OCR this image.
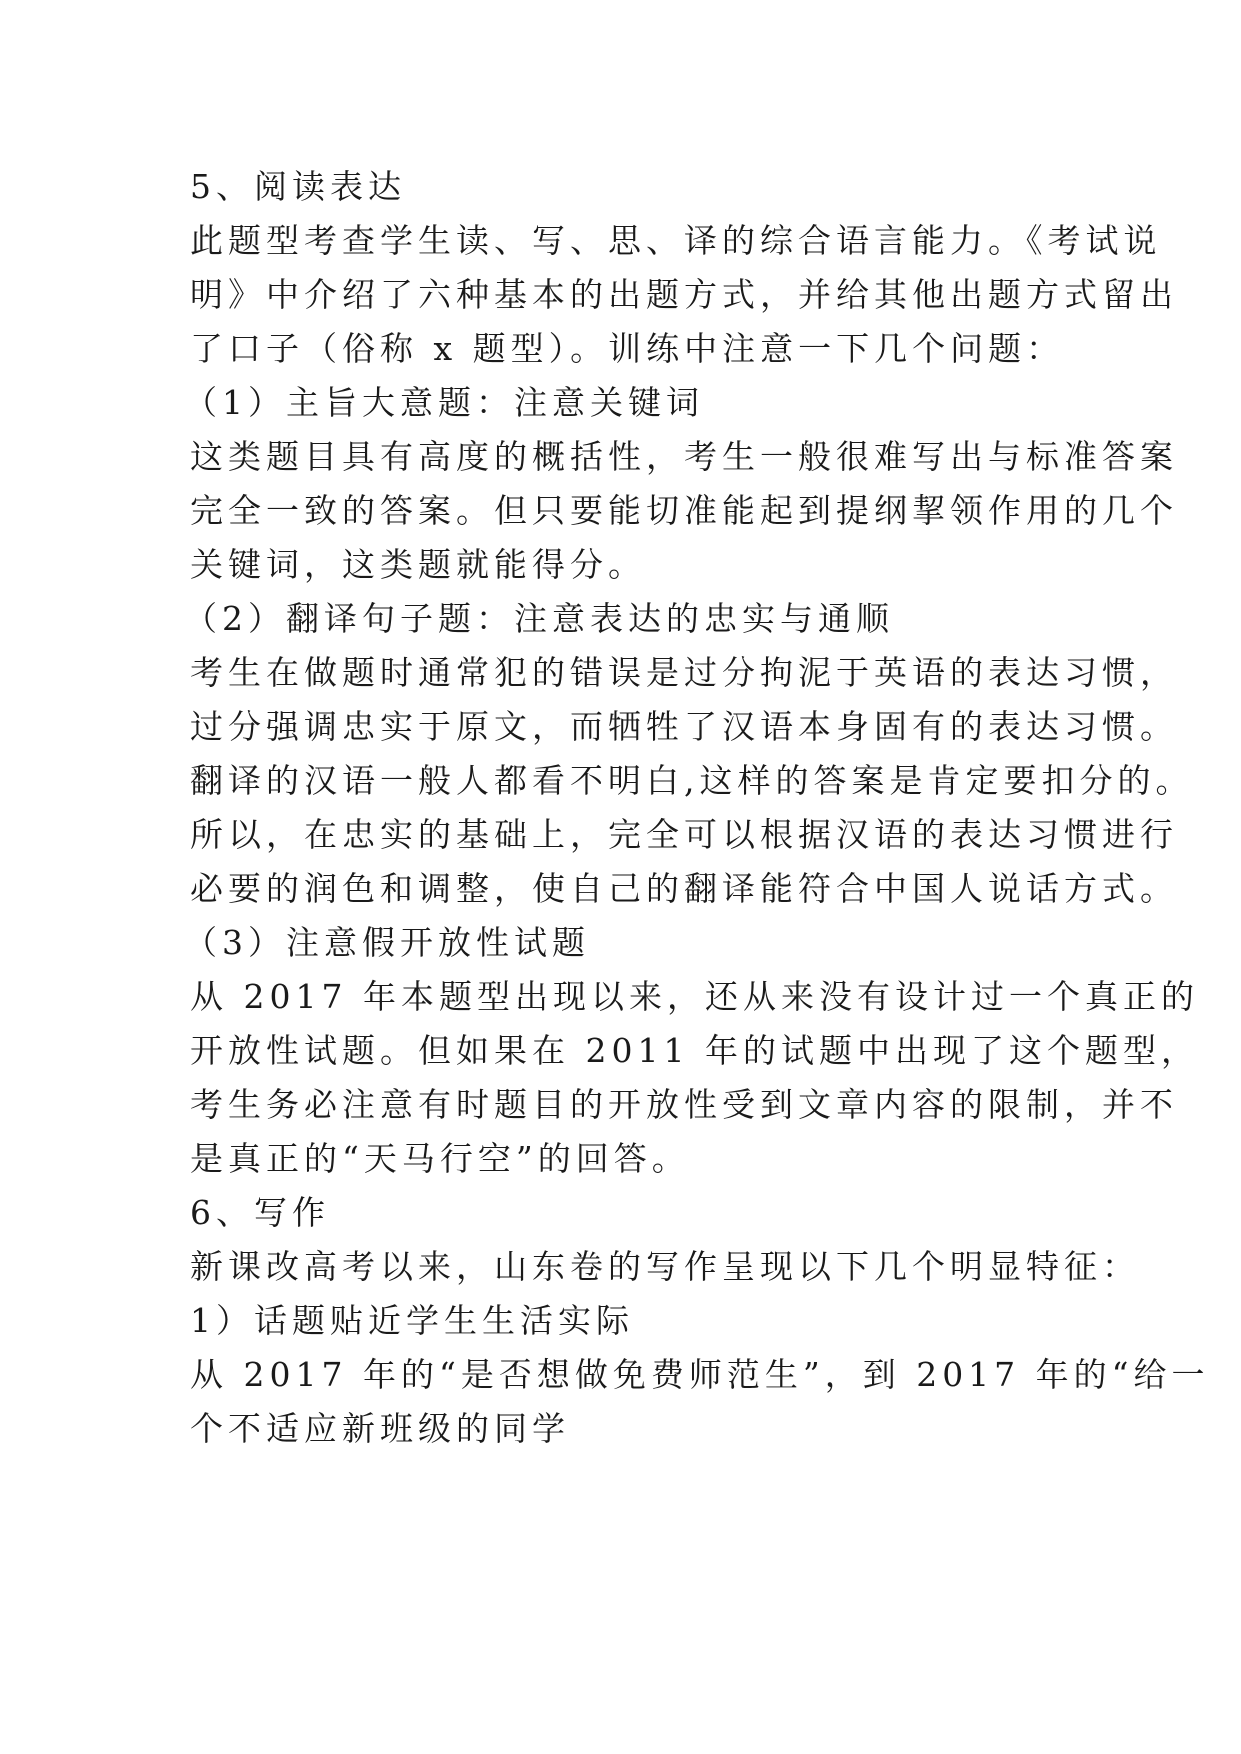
5、阅读表达
此题型考查学生读、写、思、译的综合语言能力。《考试说
明》中介绍了六种基本的出题方式，并给其他出题方式留出
了口子（俗称 x 题型）。训练中注意一下几个问题：
（1）主旨大意题：注意关键词
这类题目具有高度的概括性，考生一般很难写出与标准答案
完全一致的答案。但只要能切准能起到提纲挈领作用的几个
关键词，这类题就能得分。
（2）翻译句子题：注意表达的忠实与通顺
考生在做题时通常犯的错误是过分拘泥于英语的表达习惯，
过分强调忠实于原文，而牺牲了汉语本身固有的表达习惯。
翻译的汉语一般人都看不明白,这样的答案是肯定要扣分的。
所以，在忠实的基础上，完全可以根据汉语的表达习惯进行
必要的润色和调整，使自己的翻译能符合中国人说话方式。
（3）注意假开放性试题
从 2017 年本题型出现以来，还从来没有设计过一个真正的
开放性试题。但如果在 2011 年的试题中出现了这个题型，
考生务必注意有时题目的开放性受到文章内容的限制，并不
是真正的“天马行空”的回答。
6、写作
新课改高考以来，山东卷的写作呈现以下几个明显特征：
1）话题贴近学生生活实际
从 2017 年的“是否想做免费师范生”，到 2017 年的“给一
个不适应新班级的同学
